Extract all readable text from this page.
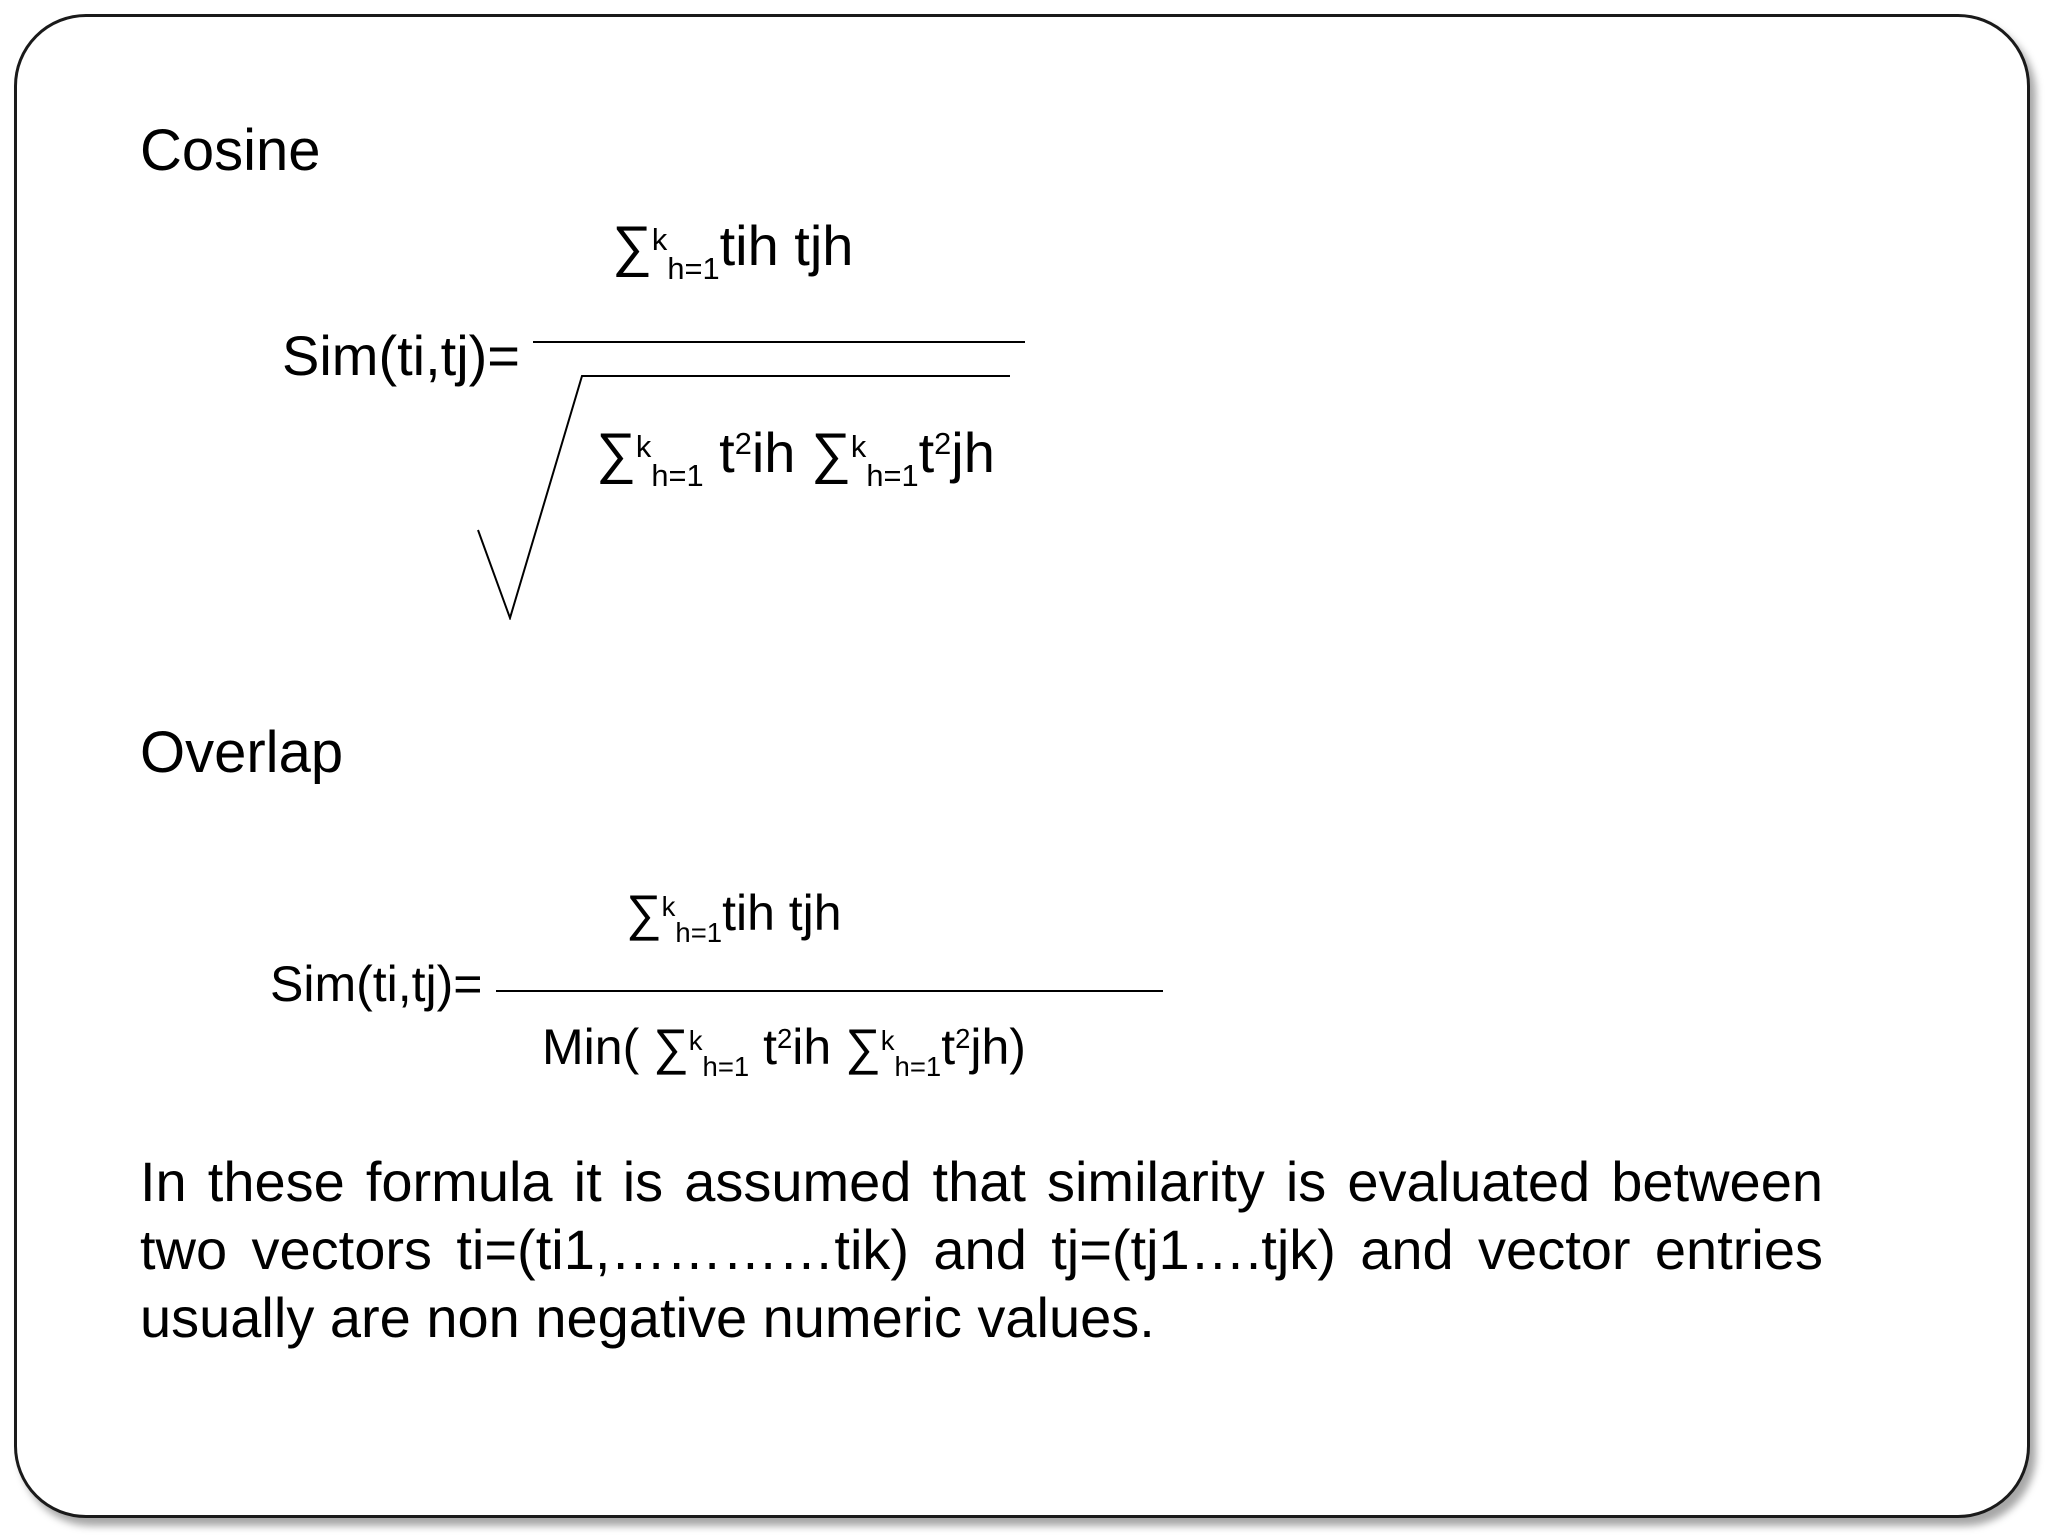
Cosine
∑$^k_{h=1}$tih tjh
Sim(ti,tj)=
∑$^k_{h=1}$ $t^2ih$ $\sum^k_{h=1}t^2jh$
Overlap
∑$^k_{h=1}$tih tjh
Sim(ti,tj)=
Min( ∑$^k_{h=1}$ $t^2ih$ $\sum^k_{h=1}t^2jh$)
In these formula it is assumed that similarity is evaluated between
two vectors ti=(ti1,…………tik) and tj=(tj1….tjk) and vector entries
usually are non negative numeric values.
